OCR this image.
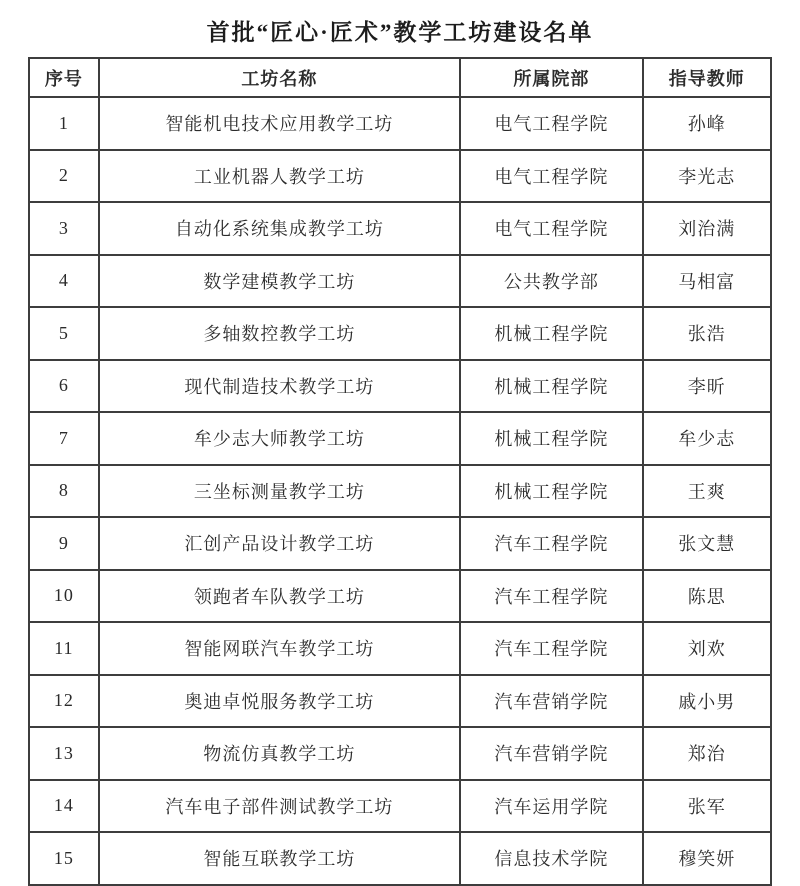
首批“匠心·匠术”教学工坊建设名单
序号	工坊名称	所属院部	指导教师
1	智能机电技术应用教学工坊	电气工程学院	孙峰
2	工业机器人教学工坊	电气工程学院	李光志
3	自动化系统集成教学工坊	电气工程学院	刘治满
4	数学建模教学工坊	公共教学部	马相富
5	多轴数控教学工坊	机械工程学院	张浩
6	现代制造技术教学工坊	机械工程学院	李昕
7	牟少志大师教学工坊	机械工程学院	牟少志
8	三坐标测量教学工坊	机械工程学院	王爽
9	汇创产品设计教学工坊	汽车工程学院	张文慧
10	领跑者车队教学工坊	汽车工程学院	陈思
11	智能网联汽车教学工坊	汽车工程学院	刘欢
12	奥迪卓悦服务教学工坊	汽车营销学院	戚小男
13	物流仿真教学工坊	汽车营销学院	郑治
14	汽车电子部件测试教学工坊	汽车运用学院	张军
15	智能互联教学工坊	信息技术学院	穆笑妍
